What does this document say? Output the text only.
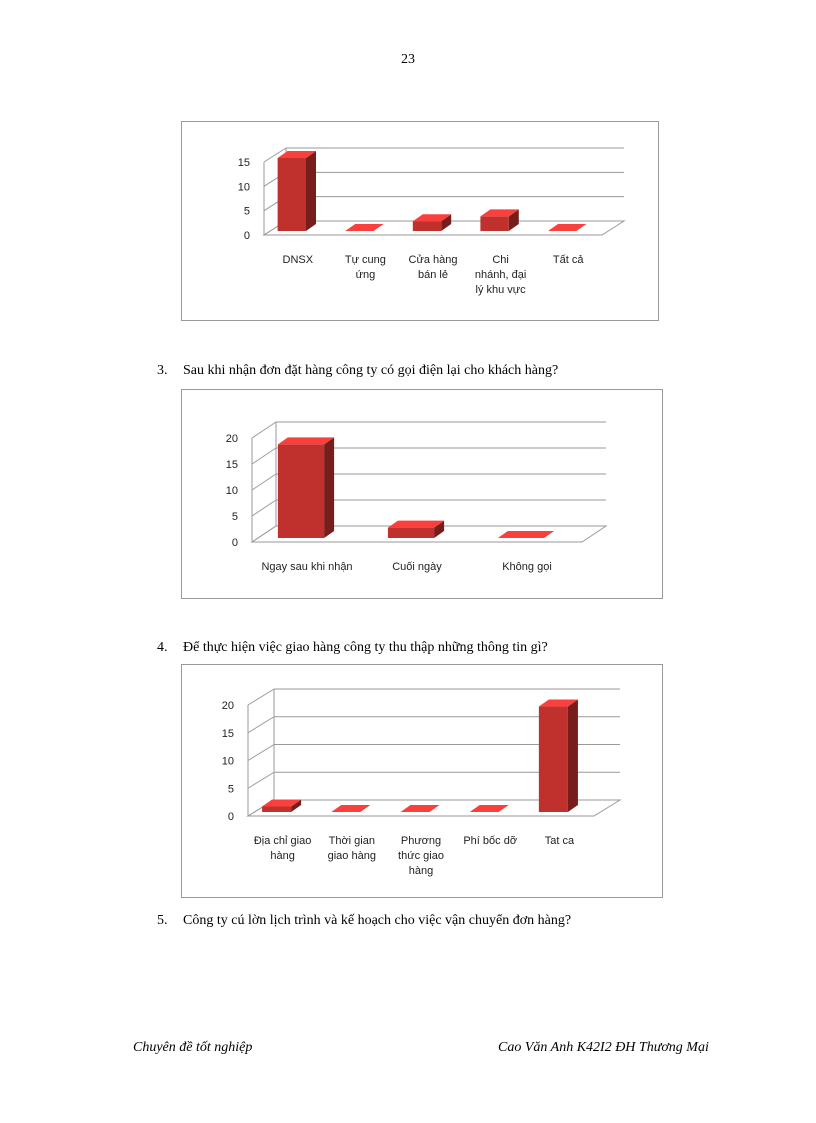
23
0
5
10
15
DNSX	Tự cung
ứng
Cửa hàng
bán lẻ
Chi
nhánh, đại
lý khu vực
Tất cả
3. Sau khi nhận đơn đặt hàng công ty có gọi điện lại cho khách hàng?
0
5
10
15
20
Ngay sau khi nhận	Cuối ngày	Không gọi
4. Để thực hiện việc giao hàng công ty thu thập những thông tin gì?
0
5
10
15
20
Địa chỉ giao
hàng
Thời gian
giao hàng
Phương
thức giao
hàng
Phí bốc dỡ	Tat ca
5. Công ty cú lờn lịch trình và kế hoạch cho việc vận chuyển đơn hàng?
Chuyên đề tốt nghiệp	Cao Văn Anh K42I2 ĐH Thương Mại
